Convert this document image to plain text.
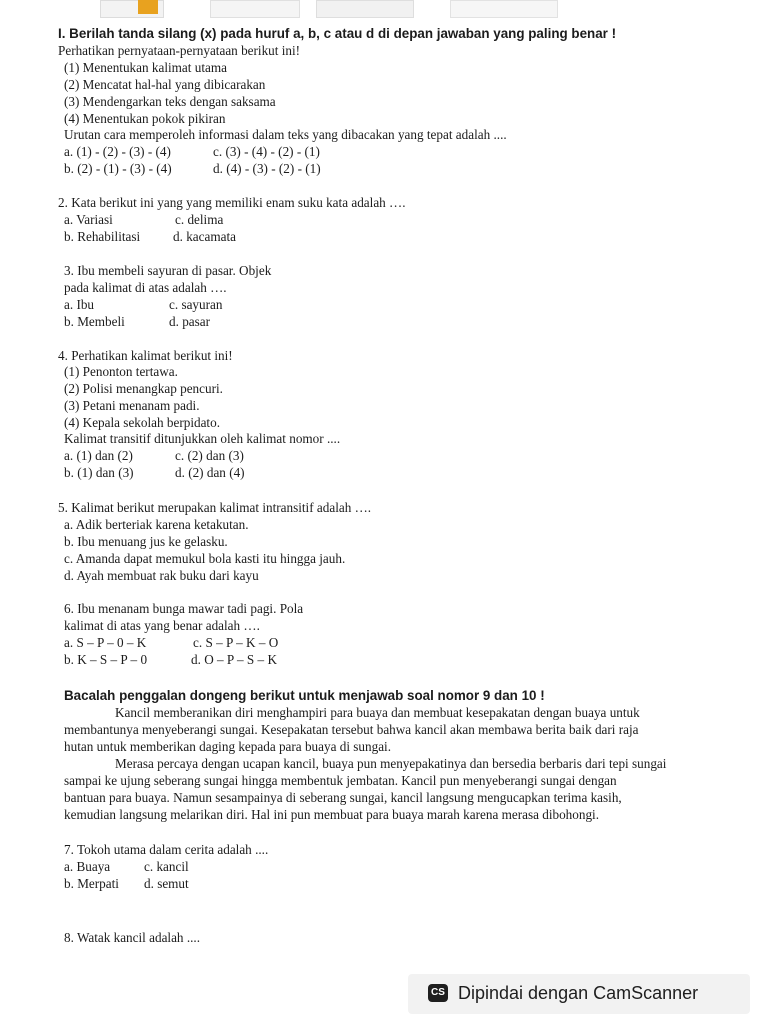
I. Berilah tanda silang (x) pada huruf a, b, c atau d di depan jawaban yang paling benar !
Perhatikan pernyataan-pernyataan berikut ini!
(1) Menentukan kalimat utama
(2) Mencatat hal-hal yang dibicarakan
(3) Mendengarkan teks dengan saksama
(4) Menentukan pokok pikiran
Urutan cara memperoleh informasi dalam teks yang dibacakan yang tepat adalah ....
a. (1) - (2) - (3) - (4)	c. (3) - (4) - (2) - (1)
b. (2) - (1) - (3) - (4)	d. (4) - (3) - (2) - (1)
2. Kata berikut ini yang yang memiliki enam suku kata adalah ….
a. Variasi	c. delima
b. Rehabilitasi d. kacamata
3. Ibu membeli sayuran di pasar. Objek
pada kalimat di atas adalah ….
a. Ibu	c. sayuran
b. Membeli	d. pasar
4. Perhatikan kalimat berikut ini!
(1) Penonton tertawa.
(2) Polisi menangkap pencuri.
(3) Petani menanam padi.
(4) Kepala sekolah berpidato.
Kalimat transitif ditunjukkan oleh kalimat nomor ....
a. (1) dan (2)	c. (2) dan (3)
b. (1) dan (3)	d. (2) dan (4)
5. Kalimat berikut merupakan kalimat intransitif adalah ….
a. Adik berteriak karena ketakutan.
b. Ibu menuang jus ke gelasku.
c. Amanda dapat memukul bola kasti itu hingga jauh.
d. Ayah membuat rak buku dari kayu
6. Ibu menanam bunga mawar tadi pagi. Pola
kalimat di atas yang benar adalah ….
a. S – P – 0 – K	c. S – P – K – O
b. K – S – P – 0	d. O – P – S – K
Bacalah penggalan dongeng berikut untuk menjawab soal nomor 9 dan 10 !
Kancil memberanikan diri menghampiri para buaya dan membuat kesepakatan dengan buaya untuk
membantunya menyeberangi sungai. Kesepakatan tersebut bahwa kancil akan membawa berita baik dari raja
hutan untuk memberikan daging kepada para buaya di sungai.
Merasa percaya dengan ucapan kancil, buaya pun menyepakatinya dan bersedia berbaris dari tepi sungai
sampai ke ujung seberang sungai hingga membentuk jembatan. Kancil pun menyeberangi sungai dengan
bantuan para buaya. Namun sesampainya di seberang sungai, kancil langsung mengucapkan terima kasih,
kemudian langsung melarikan diri. Hal ini pun membuat para buaya marah karena merasa dibohongi.
7. Tokoh utama dalam cerita adalah ....
a. Buaya	c. kancil
b. Merpati d. semut
8. Watak kancil adalah ....
CS Dipindai dengan CamScanner
